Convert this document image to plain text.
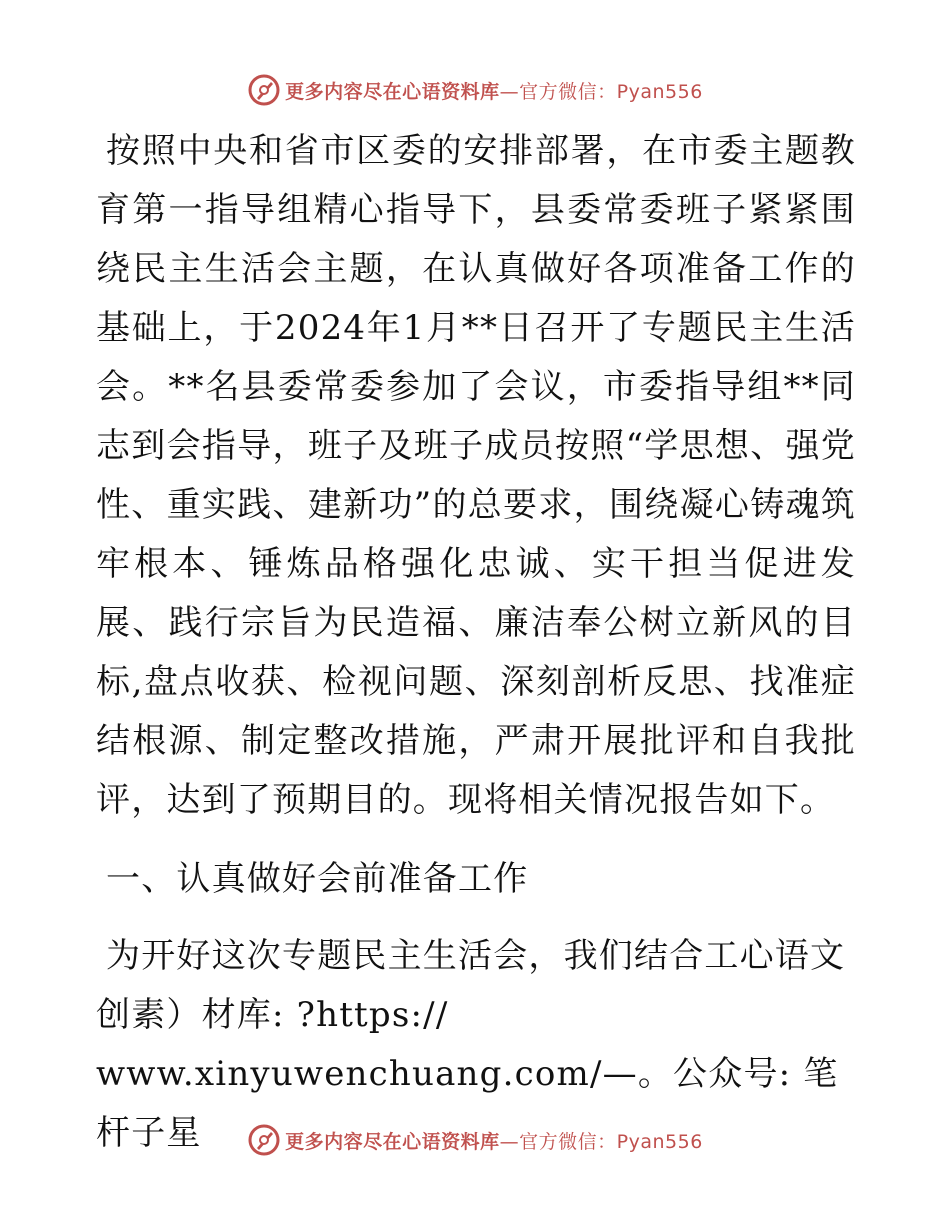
更多内容尽在心语资料库—官方微信：Pyan556

按照中央和省市区委的安排部署，在市委主题教育第一指导组精心指导下，县委常委班子紧紧围绕民主生活会主题，在认真做好各项准备工作的基础上，于2024年1月**日召开了专题民主生活会。**名县委常委参加了会议，市委指导组**同志到会指导，班子及班子成员按照“学思想、强党性、重实践、建新功”的总要求，围绕凝心铸魂筑牢根本、锤炼品格强化忠诚、实干担当促进发展、践行宗旨为民造福、廉洁奉公树立新风的目标,盘点收获、检视问题、深刻剖析反思、找准症结根源、制定整改措施，严肃开展批评和自我批评，达到了预期目的。现将相关情况报告如下。

一、认真做好会前准备工作

为开好这次专题民主生活会，我们结合工心语文

创素）材库: ?https://

www.xinyuwenchuang.com/—。公众号: 笔杆子星	更多内容尽在心语资料库—官方微信：Pyan556
